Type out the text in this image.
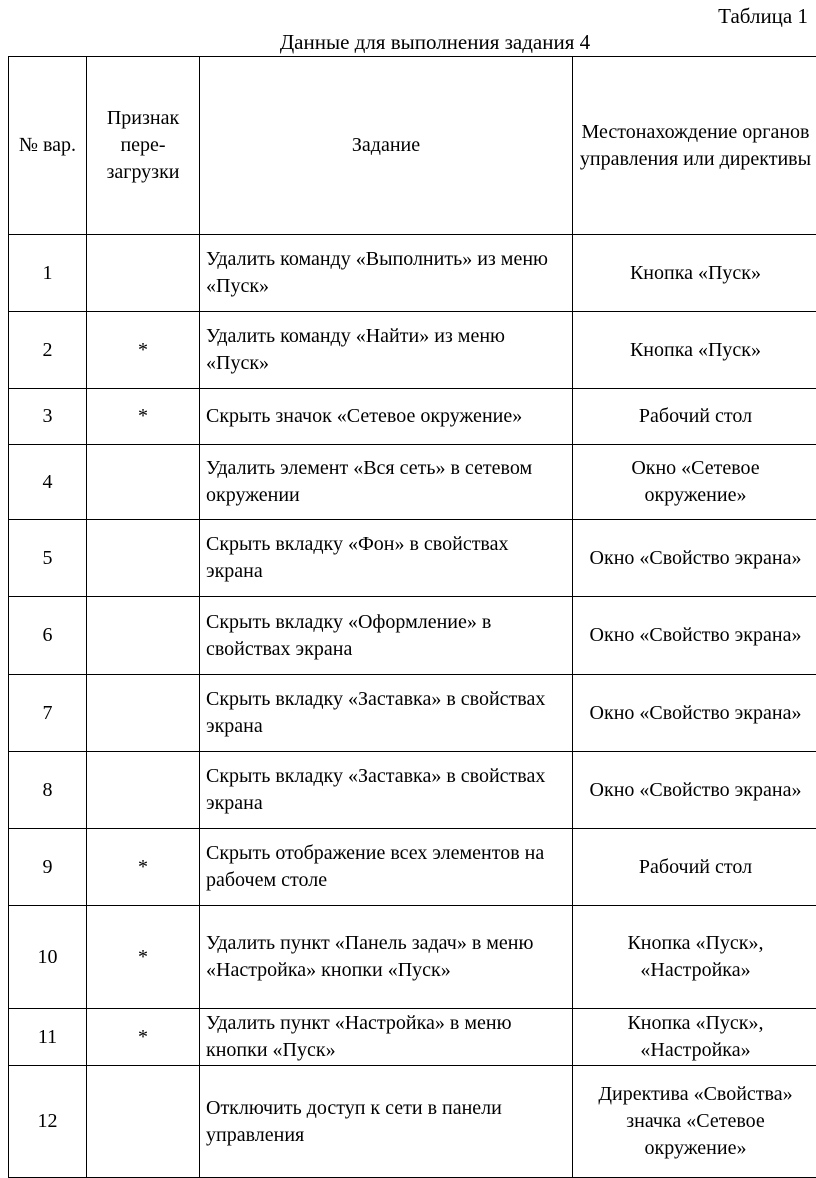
Таблица 1
Данные для выполнения задания 4
№ вар.	Признак пере-загрузки	Задание	Местонахождение органов управления или директивы
1		Удалить команду «Выполнить» из меню «Пуск»	Кнопка «Пуск»
2	*	Удалить команду «Найти» из меню «Пуск»	Кнопка «Пуск»
3	*	Скрыть значок «Сетевое окружение»	Рабочий стол
4		Удалить элемент «Вся сеть» в сетевом окружении	Окно «Сетевое окружение»
5		Скрыть вкладку «Фон» в свойствах экрана	Окно «Свойство экрана»
6		Скрыть вкладку «Оформление» в свойствах экрана	Окно «Свойство экрана»
7		Скрыть вкладку «Заставка» в свойствах экрана	Окно «Свойство экрана»
8		Скрыть вкладку «Заставка» в свойствах экрана	Окно «Свойство экрана»
9	*	Скрыть отображение всех элементов на рабочем столе	Рабочий стол
10	*	Удалить пункт «Панель задач» в меню «Настройка» кнопки «Пуск»	Кнопка «Пуск», «Настройка»
11	*	Удалить пункт «Настройка» в меню кнопки «Пуск»	Кнопка «Пуск», «Настройка»
12		Отключить доступ к сети в панели управления	Директива «Свойства» значка «Сетевое окружение»
